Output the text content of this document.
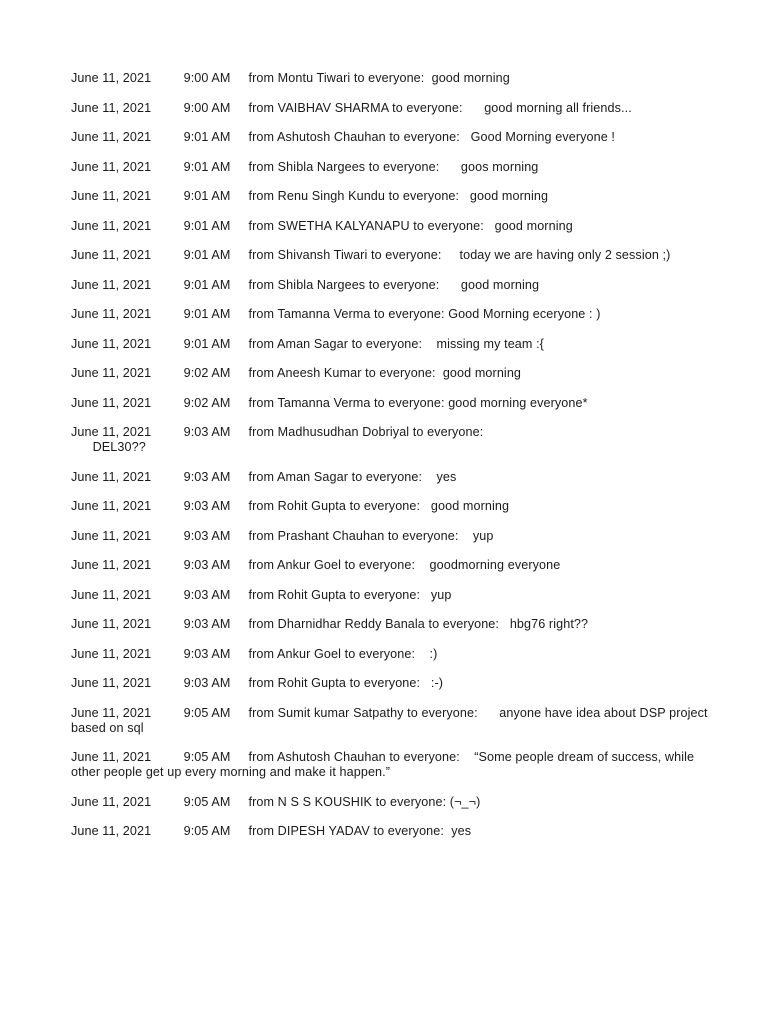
June 11, 2021	9:00 AM from Montu Tiwari to everyone: good morning
June 11, 2021	9:00 AM from VAIBHAV SHARMA to everyone: good morning all friends...
June 11, 2021	9:01 AM from Ashutosh Chauhan to everyone: Good Morning everyone !
June 11, 2021	9:01 AM from Shibla Nargees to everyone: goos morning
June 11, 2021	9:01 AM from Renu Singh Kundu to everyone: good morning
June 11, 2021	9:01 AM from SWETHA KALYANAPU to everyone: good morning
June 11, 2021	9:01 AM from Shivansh Tiwari to everyone: today we are having only 2 session ;)
June 11, 2021	9:01 AM from Shibla Nargees to everyone: good morning
June 11, 2021	9:01 AM from Tamanna Verma to everyone: Good Morning eceryone : )
June 11, 2021	9:01 AM from Aman Sagar to everyone: missing my team :{
June 11, 2021	9:02 AM from Aneesh Kumar to everyone: good morning
June 11, 2021	9:02 AM from Tamanna Verma to everyone: good morning everyone*
June 11, 2021	9:03 AM from Madhusudhan Dobriyal to everyone:
DEL30??
June 11, 2021	9:03 AM from Aman Sagar to everyone: yes
June 11, 2021	9:03 AM from Rohit Gupta to everyone: good morning
June 11, 2021	9:03 AM from Prashant Chauhan to everyone: yup
June 11, 2021	9:03 AM from Ankur Goel to everyone: goodmorning everyone
June 11, 2021	9:03 AM from Rohit Gupta to everyone: yup
June 11, 2021	9:03 AM from Dharnidhar Reddy Banala to everyone: hbg76 right??
June 11, 2021	9:03 AM from Ankur Goel to everyone: :)
June 11, 2021	9:03 AM from Rohit Gupta to everyone: :-)
June 11, 2021	9:05 AM from Sumit kumar Satpathy to everyone: anyone have idea about DSP project based on sql
June 11, 2021	9:05 AM from Ashutosh Chauhan to everyone: “Some people dream of success, while other people get up every morning and make it happen.”
June 11, 2021	9:05 AM from N S S KOUSHIK to everyone: (¬_¬)
June 11, 2021	9:05 AM from DIPESH YADAV to everyone: yes
